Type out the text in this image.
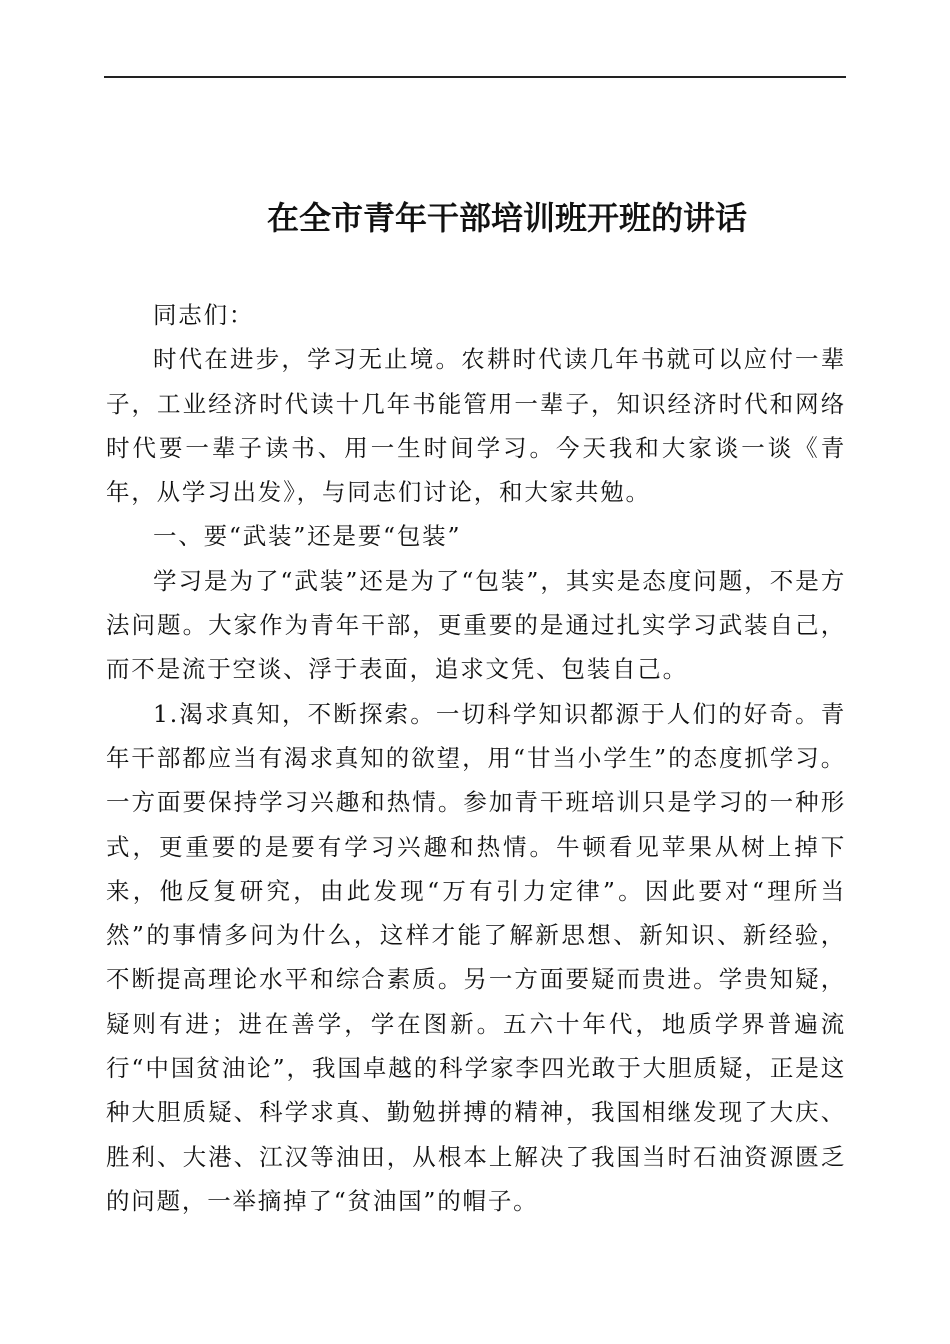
在全市青年干部培训班开班的讲话

同志们：

时代在进步，学习无止境。农耕时代读几年书就可以应付一辈子，工业经济时代读十几年书能管用一辈子，知识经济时代和网络时代要一辈子读书、用一生时间学习。今天我和大家谈一谈《青年，从学习出发》，与同志们讨论，和大家共勉。

一、要“武装”还是要“包装”

学习是为了“武装”还是为了“包装”，其实是态度问题，不是方法问题。大家作为青年干部，更重要的是通过扎实学习武装自己，而不是流于空谈、浮于表面，追求文凭、包装自己。

1.渴求真知，不断探索。一切科学知识都源于人们的好奇。青年干部都应当有渴求真知的欲望，用“甘当小学生”的态度抓学习。一方面要保持学习兴趣和热情。参加青干班培训只是学习的一种形式，更重要的是要有学习兴趣和热情。牛顿看见苹果从树上掉下来，他反复研究，由此发现“万有引力定律”。因此要对“理所当然”的事情多问为什么，这样才能了解新思想、新知识、新经验，不断提高理论水平和综合素质。另一方面要疑而贵进。学贵知疑，疑则有进；进在善学，学在图新。五六十年代，地质学界普遍流行“中国贫油论”，我国卓越的科学家李四光敢于大胆质疑，正是这种大胆质疑、科学求真、勤勉拼搏的精神，我国相继发现了大庆、胜利、大港、江汉等油田，从根本上解决了我国当时石油资源匮乏的问题，一举摘掉了“贫油国”的帽子。
